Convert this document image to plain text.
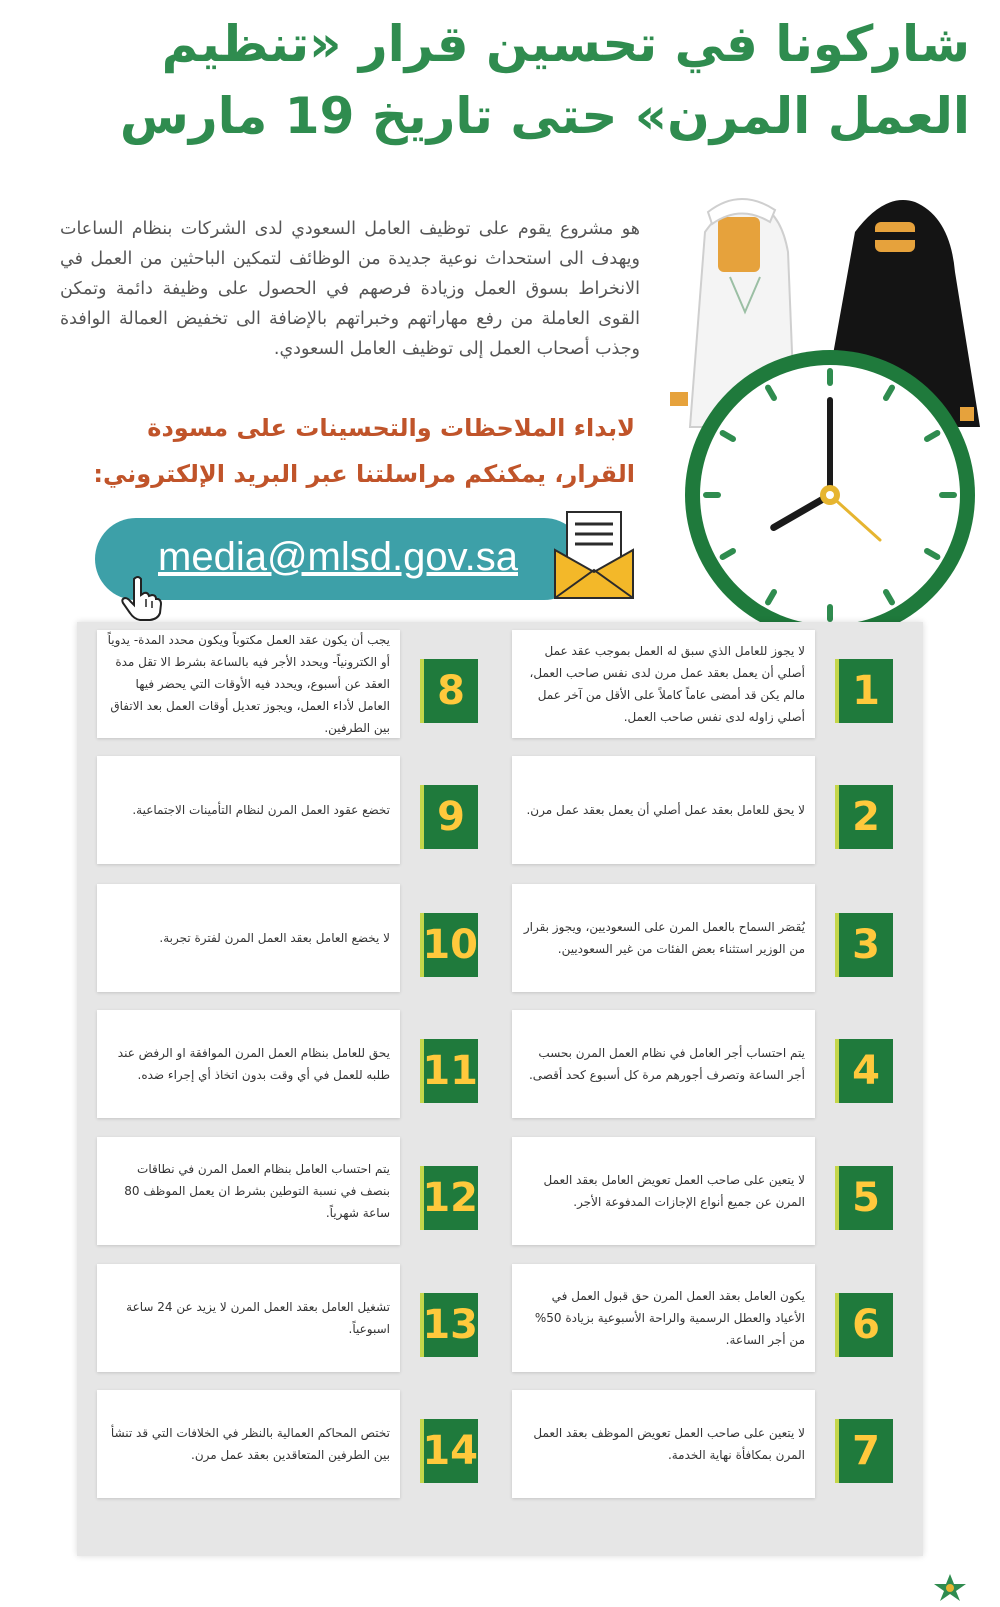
شاركونا في تحسين قرار «تنظيم
العمل المرن» حتى تاريخ 19 مارس

هو مشروع يقوم على توظيف العامل السعودي لدى الشركات بنظام الساعات ويهدف الى استحداث نوعية جديدة من الوظائف لتمكين الباحثين من العمل في الانخراط بسوق العمل وزيادة فرصهم في الحصول على وظيفة دائمة وتمكن القوى العاملة من رفع مهاراتهم وخبراتهم بالإضافة الى تخفيض العمالة الوافدة وجذب أصحاب العمل إلى توظيف العامل السعودي.

لابداء الملاحظات والتحسينات على مسودة
القرار، يمكنكم مراسلتنا عبر البريد الإلكتروني:
media@mlsd.gov.sa
لا يجوز للعامل الذي سبق له العمل بموجب عقد عمل أصلي أن يعمل بعقد عمل مرن لدى نفس صاحب العمل، مالم يكن قد أمضى عاماً كاملاً على الأقل من آخر عمل أصلي زاوله لدى نفس صاحب العمل.
1
لا يحق للعامل بعقد عمل أصلي أن يعمل بعقد عمل مرن.	2
يُقصَر السماح بالعمل المرن على السعوديين، ويجوز بقرار من الوزير استثناء بعض الفئات من غير السعوديين.	3
يتم احتساب أجر العامل في نظام العمل المرن بحسب أجر الساعة وتصرف أجورهم مرة كل أسبوع كحد أقصى.	4
لا يتعين على صاحب العمل تعويض العامل بعقد العمل المرن عن جميع أنواع الإجازات المدفوعة الأجر.	5
يكون العامل بعقد العمل المرن حق قبول العمل في الأعياد والعطل الرسمية والراحة الأسبوعية بزيادة 50% من أجر الساعة.	6
لا يتعين على صاحب العمل تعويض الموظف بعقد العمل المرن بمكافأة نهاية الخدمة.	7
يجب أن يكون عقد العمل مكتوباً ويكون محدد المدة- يدوياً أو الكترونياً- ويحدد الأجر فيه بالساعة بشرط الا تقل مدة العقد عن أسبوع، ويحدد فيه الأوقات التي يحضر فيها العامل لأداء العمل، ويجوز تعديل أوقات العمل بعد الاتفاق بين الطرفين.
8
تخضع عقود العمل المرن لنظام التأمينات الاجتماعية.	9
لا يخضع العامل بعقد العمل المرن لفترة تجربة. 10
يحق للعامل بنظام العمل المرن الموافقة او الرفض عند طلبه للعمل في أي وقت بدون اتخاذ أي إجراء ضده. 11
يتم احتساب العامل بنظام العمل المرن في نطاقات بنصف في نسبة التوطين بشرط ان يعمل الموظف 80 ساعة شهرياً. 12
تشغيل العامل بعقد العمل المرن لا يزيد عن 24 ساعة اسبوعياً. 13
تختص المحاكم العمالية بالنظر في الخلافات التي قد تنشأ بين الطرفين المتعاقدين بعقد عمل مرن. 14
